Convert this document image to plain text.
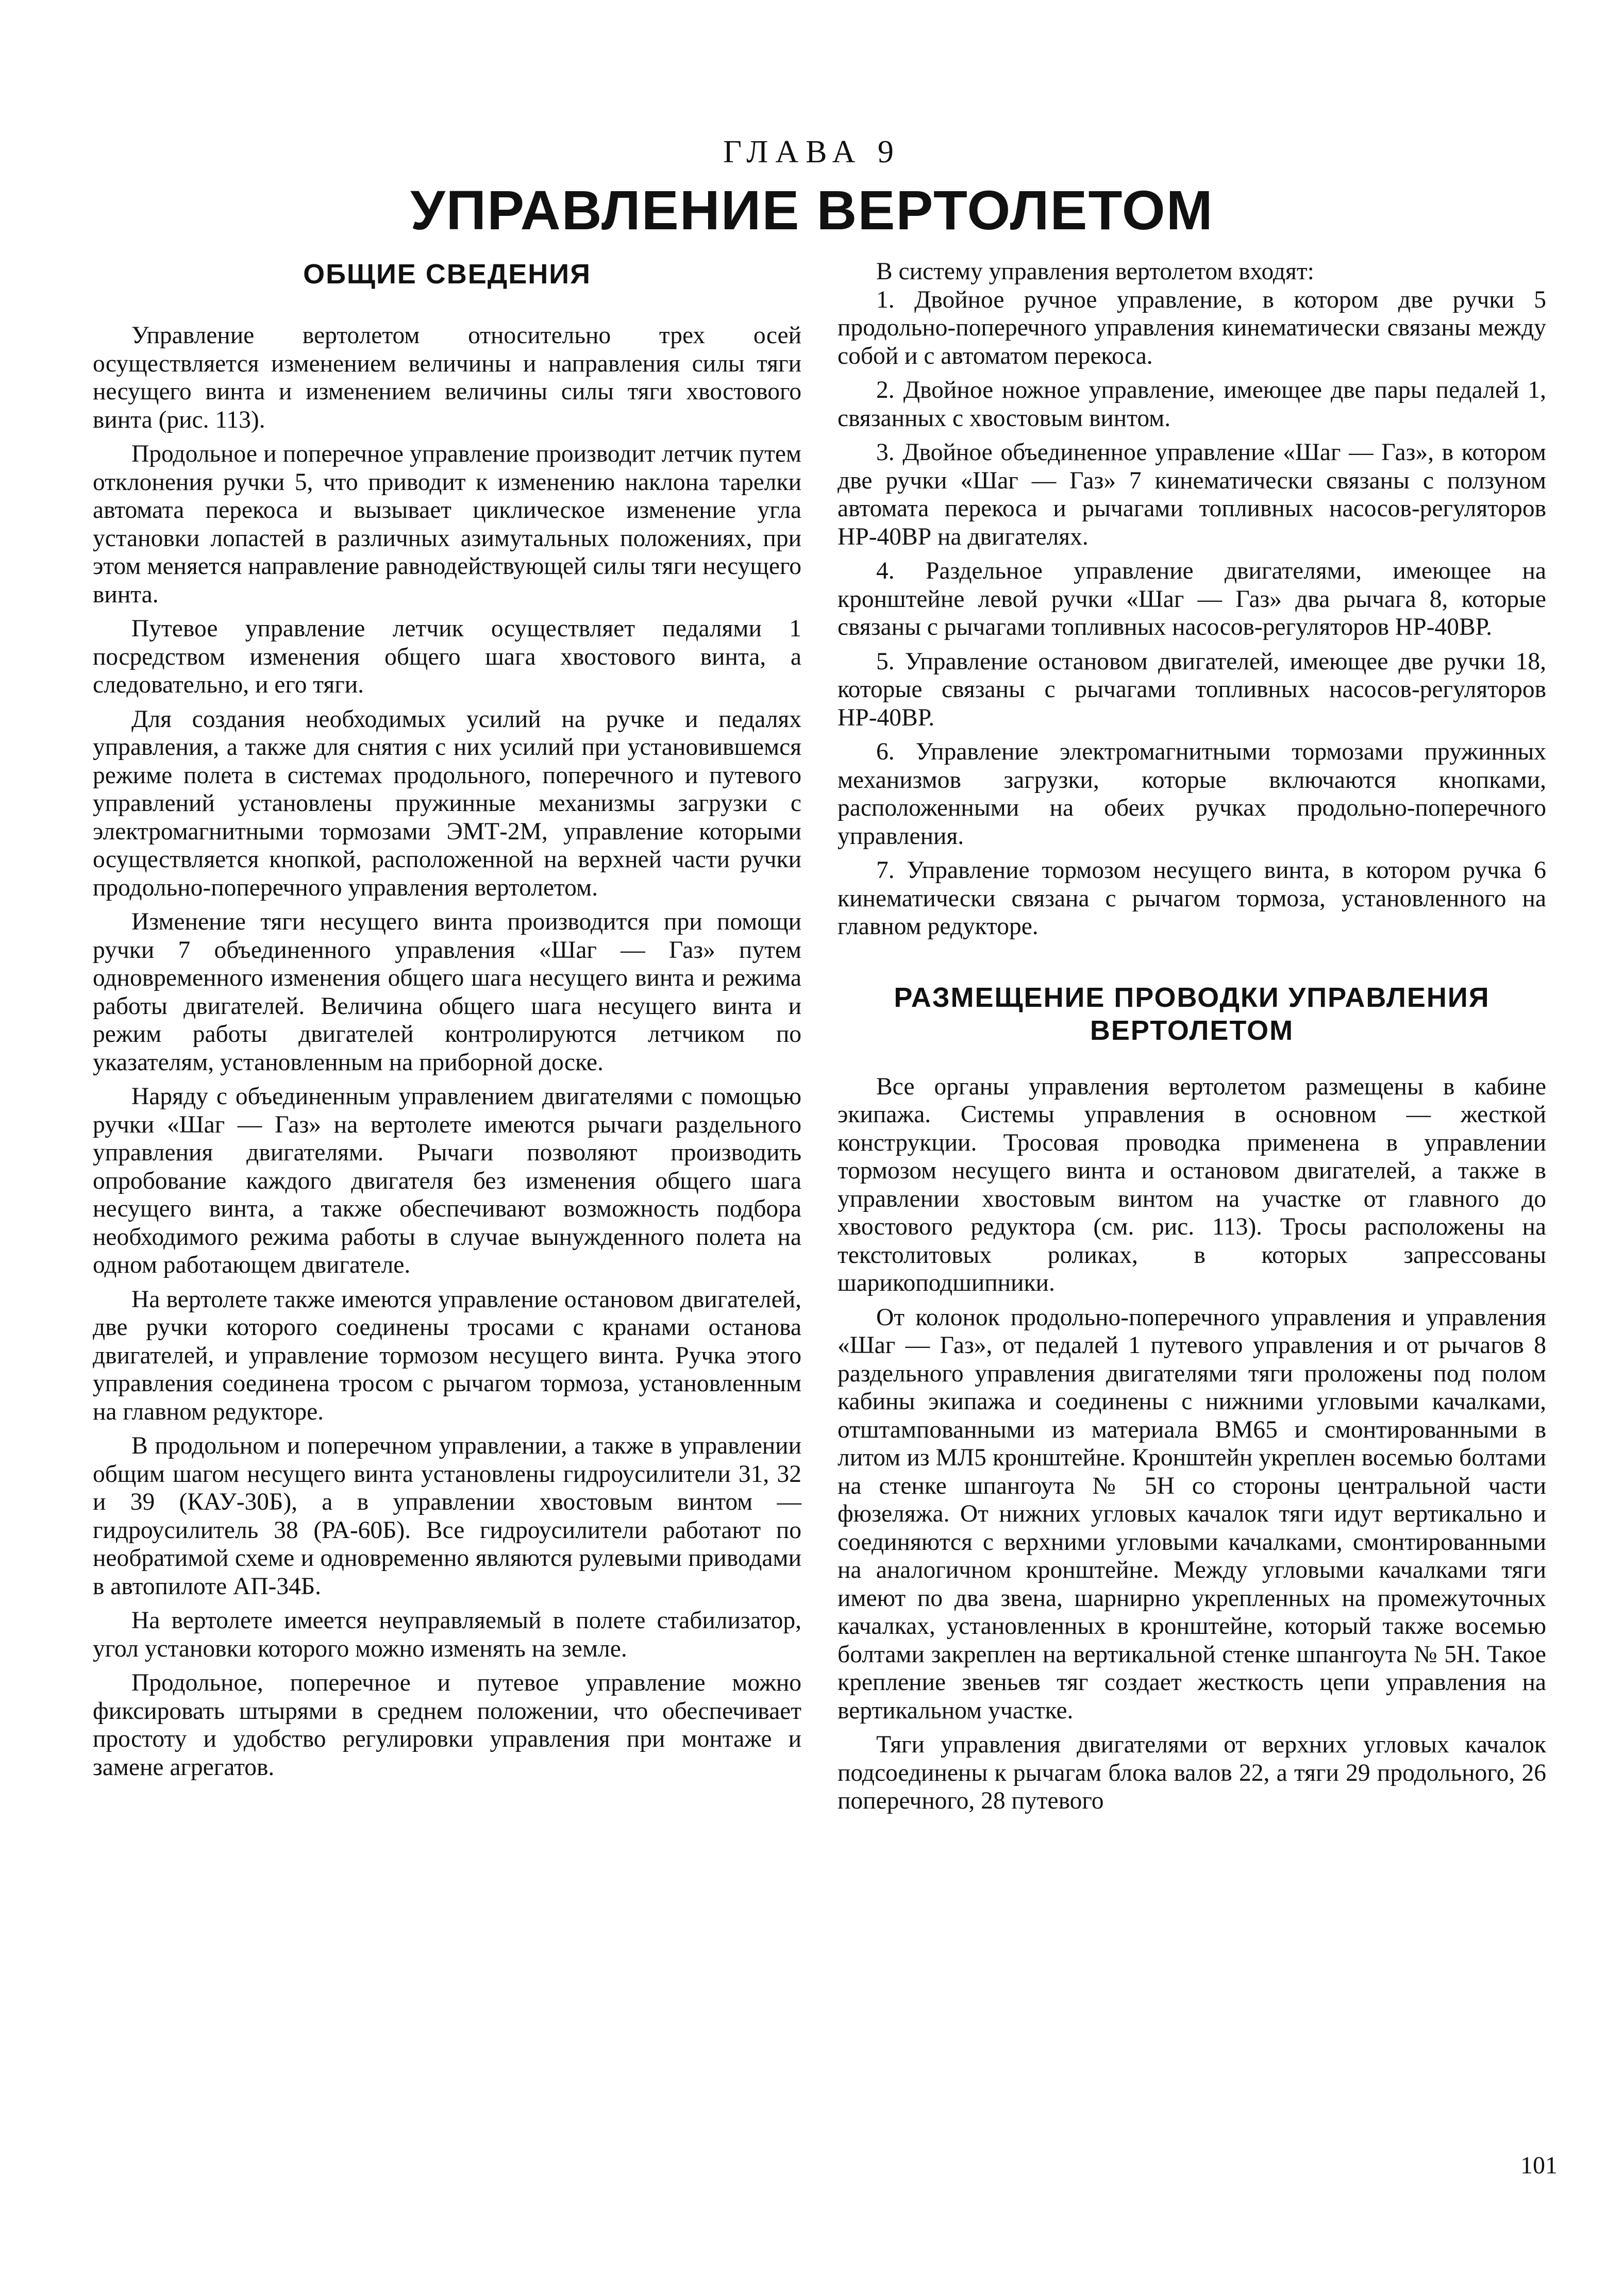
ГЛАВА 9
УПРАВЛЕНИЕ ВЕРТОЛЕТОМ
ОБЩИЕ СВЕДЕНИЯ

Управление вертолетом относительно трех осей осуществляется изменением величины и направления силы тяги несущего винта и изменением величины силы тяги хвостового винта (рис. 113).

Продольное и поперечное управление производит летчик путем отклонения ручки 5, что приводит к изменению наклона тарелки автомата перекоса и вызывает циклическое изменение угла установки лопастей в различных азимутальных положениях, при этом меняется направление равнодействующей силы тяги несущего винта.

Путевое управление летчик осуществляет педалями 1 посредством изменения общего шага хвостового винта, а следовательно, и его тяги.

Для создания необходимых усилий на ручке и педалях управления, а также для снятия с них усилий при установившемся режиме полета в системах продольного, поперечного и путевого управлений установлены пружинные механизмы загрузки с электромагнитными тормозами ЭМТ-2М, управление которыми осуществляется кнопкой, расположенной на верхней части ручки продольно-поперечного управления вертолетом.

Изменение тяги несущего винта производится при помощи ручки 7 объединенного управления «Шаг — Газ» путем одновременного изменения общего шага несущего винта и режима работы двигателей. Величина общего шага несущего винта и режим работы двигателей контролируются летчиком по указателям, установленным на приборной доске.

Наряду с объединенным управлением двигателями с помощью ручки «Шаг — Газ» на вертолете имеются рычаги раздельного управления двигателями. Рычаги позволяют производить опробование каждого двигателя без изменения общего шага несущего винта, а также обеспечивают возможность подбора необходимого режима работы в случае вынужденного полета на одном работающем двигателе.

На вертолете также имеются управление остановом двигателей, две ручки которого соединены тросами с кранами останова двигателей, и управление тормозом несущего винта. Ручка этого управления соединена тросом с рычагом тормоза, установленным на главном редукторе.

В продольном и поперечном управлении, а также в управлении общим шагом несущего винта установлены гидроусилители 31, 32 и 39 (КАУ-30Б), а в управлении хвостовым винтом — гидроусилитель 38 (РА-60Б). Все гидроусилители работают по необратимой схеме и одновременно являются рулевыми приводами в автопилоте АП-34Б.

На вертолете имеется неуправляемый в полете стабилизатор, угол установки которого можно изменять на земле.

Продольное, поперечное и путевое управление можно фиксировать штырями в среднем положении, что обеспечивает простоту и удобство регулировки управления при монтаже и замене агрегатов.

В систему управления вертолетом входят:

1. Двойное ручное управление, в котором две ручки 5 продольно-поперечного управления кинематически связаны между собой и с автоматом перекоса.

2. Двойное ножное управление, имеющее две пары педалей 1, связанных с хвостовым винтом.

3. Двойное объединенное управление «Шаг — Газ», в котором две ручки «Шаг — Газ» 7 кинематически связаны с ползуном автомата перекоса и рычагами топливных насосов-регуляторов НР-40ВР на двигателях.

4. Раздельное управление двигателями, имеющее на кронштейне левой ручки «Шаг — Газ» два рычага 8, которые связаны с рычагами топливных насосов-регуляторов НР-40ВР.

5. Управление остановом двигателей, имеющее две ручки 18, которые связаны с рычагами топливных насосов-регуляторов НР-40ВР.

6. Управление электромагнитными тормозами пружинных механизмов загрузки, которые включаются кнопками, расположенными на обеих ручках продольно-поперечного управления.

7. Управление тормозом несущего винта, в котором ручка 6 кинематически связана с рычагом тормоза, установленного на главном редукторе.

РАЗМЕЩЕНИЕ ПРОВОДКИ УПРАВЛЕНИЯ ВЕРТОЛЕТОМ

Все органы управления вертолетом размещены в кабине экипажа. Системы управления в основном — жесткой конструкции. Тросовая проводка применена в управлении тормозом несущего винта и остановом двигателей, а также в управлении хвостовым винтом на участке от главного до хвостового редуктора (см. рис. 113). Тросы расположены на текстолитовых роликах, в которых запрессованы шарикоподшипники.

От колонок продольно-поперечного управления и управления «Шаг — Газ», от педалей 1 путевого управления и от рычагов 8 раздельного управления двигателями тяги проложены под полом кабины экипажа и соединены с нижними угловыми качалками, отштампованными из материала ВМ65 и смонтированными в литом из МЛ5 кронштейне. Кронштейн укреплен восемью болтами на стенке шпангоута № 5Н со стороны центральной части фюзеляжа. От нижних угловых качалок тяги идут вертикально и соединяются с верхними угловыми качалками, смонтированными на аналогичном кронштейне. Между угловыми качалками тяги имеют по два звена, шарнирно укрепленных на промежуточных качалках, установленных в кронштейне, который также восемью болтами закреплен на вертикальной стенке шпангоута № 5Н. Такое крепление звеньев тяг создает жесткость цепи управления на вертикальном участке.

Тяги управления двигателями от верхних угловых качалок подсоединены к рычагам блока валов 22, а тяги 29 продольного, 26 поперечного, 28 путевого

101
